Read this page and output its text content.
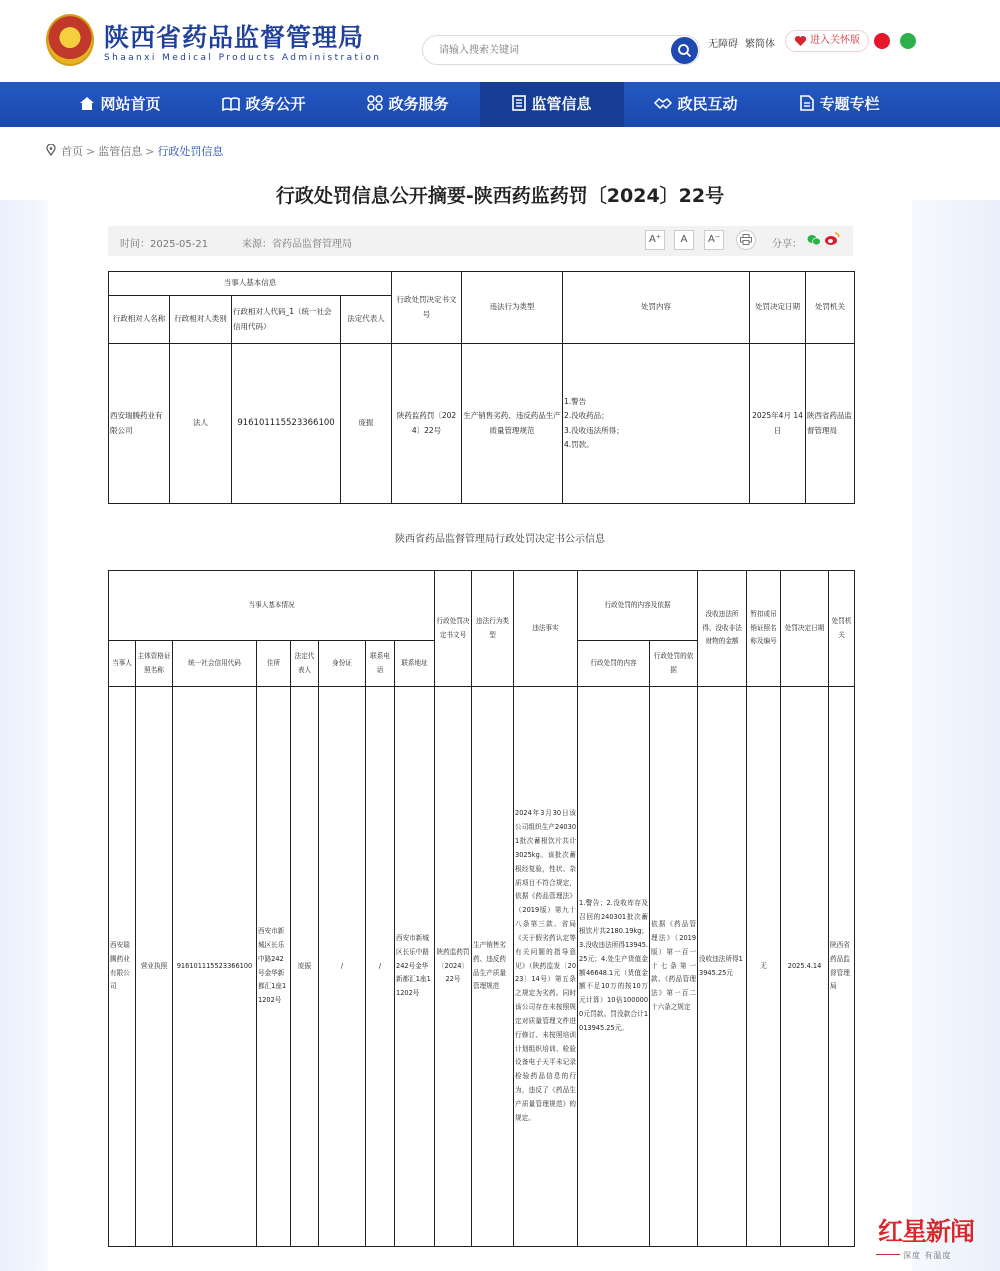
陕西省药品监督管理局
Shaanxi Medical Products Administration
请输入搜索关键词
无障碍 繁简体	进入关怀版
网站首页	政务公开	政务服务	监管信息	政民互动	专题专栏
首页 > 监管信息 > 行政处罚信息
行政处罚信息公开摘要-陕西药监药罚〔2024〕22号
时间：2025-05-21	来源：省药品监督管理局	A⁺	A	A⁻	分享：
当事人基本信息				行政处罚决定书文号	违法行为类型	处罚内容	处罚决定日期	处罚机关
行政相对人名称	行政相对人类别	行政相对人代码_1（统一社会信用代码）	法定代表人					
西安瑞腾药业有限公司	法人	91610111552336610​0	庞振	陕药监药罚〔2024〕22号	生产销售劣药、违反药品生产质量管理规范	1.警告
2.没收药品；
3.没收违法所得；
4.罚款。	2025年4月 14日	陕西省药品监督管理局
陕西省药品监督管理局行政处罚决定书公示信息
当事人基本情况								行政处罚决定书文号	违法行为类型	违法事实	行政处罚的内容及依据		没收违法所得、没收非法财物的金额	暂扣或吊销证照名称及编号	处罚决定日期	处罚机关
当事人	主体资格证照名称	统一社会信用代码	住所	法定代表人	身份证	联系电话	联系地址				行政处罚的内容	行政处罚的依据				
西安瑞腾药业有限公司	营业执照	916101115523366100	西安市新城区长乐中路242号金华新都汇1座11202号	庞振	/	/	西安市新城区长乐中路242号金华新都汇1座11202号	陕药监药罚〔2024〕22号	生产销售劣药、违反药品生产质量管理规范	2024年3月30日该公司组织生产240301批次蓄根饮片共计3025kg。该批次蓄根经复验，性状、杂质项目不符合规定，依据《药品管理法》（2019版）第九十八条第三款、省局《关于假劣药认定等有关问题的指导意见》（陕药监发〔2023〕14号）第五条之规定为劣药。同时该公司存在未按照规定对质量管理文件进行修订、未按照培训计划组织培训、检验设备电子天平未记录检验药品信息的行为，违反了《药品生产质量管理规范》的规定。	1.警告；2.没收库存及召回的240301批次蓄根饮片共2180.19kg；3.没收违法所得13945.25元；4.处生产货值金额46648.1元（货值金额不足10万的按10万元计算）10倍1000000元罚款。罚没款合计1013945.25元。	依据《药品管理法》（2019版）第一百一十七条第一款、《药品管理法》第一百二十六条之规定	没收违法所得13945.25元	无	2025.4.14	陕西省药品监督管理局
红星新闻
深度 有温度
